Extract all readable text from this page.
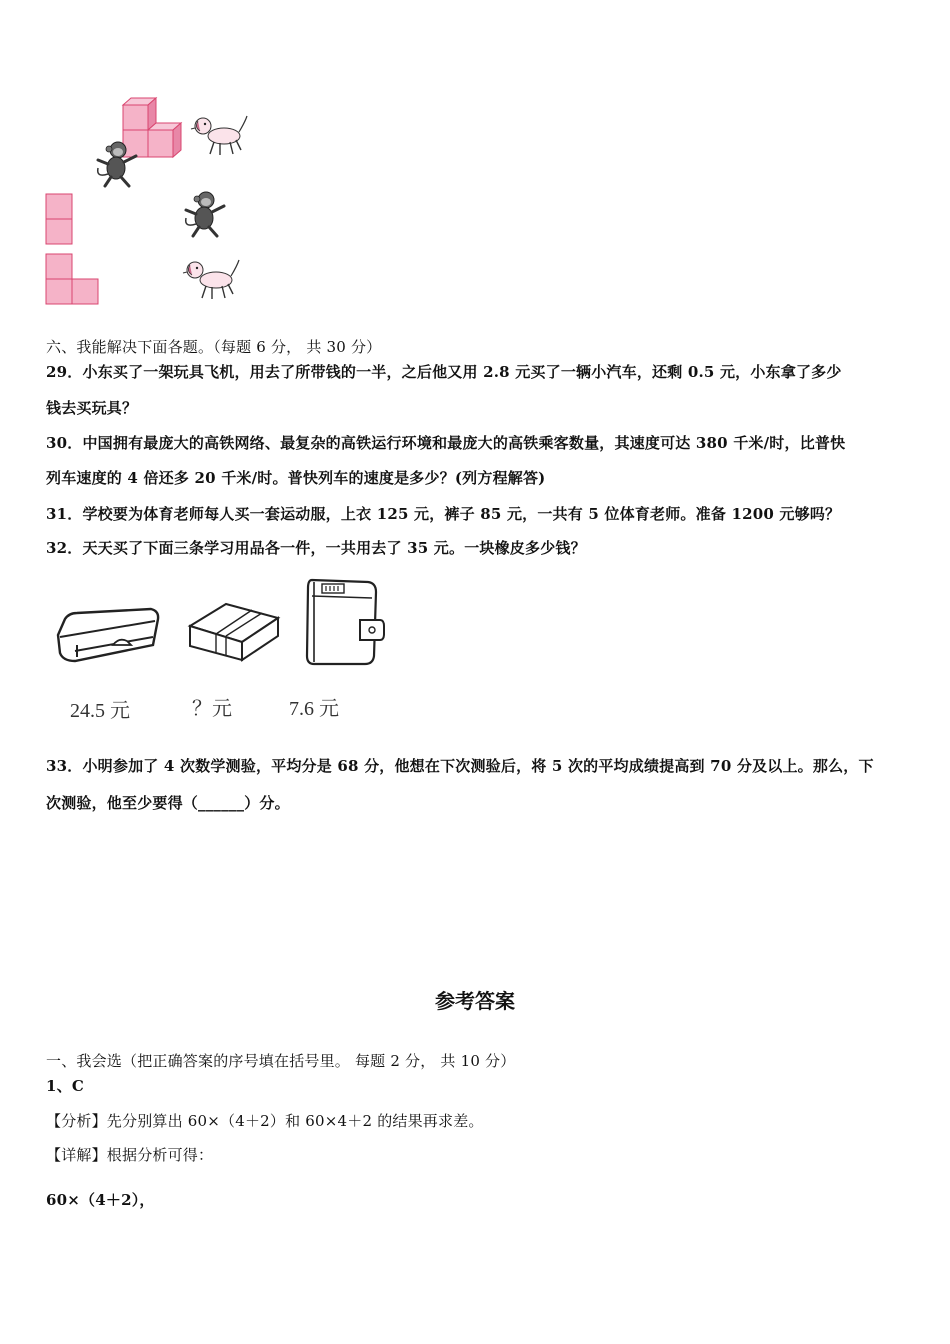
六、我能解决下面各题。（每题 6 分， 共 30 分）
29．小东买了一架玩具飞机，用去了所带钱的一半，之后他又用 2.8 元买了一辆小汽车，还剩 0.5 元，小东拿了多少
钱去买玩具？
30．中国拥有最庞大的高铁网络、最复杂的高铁运行环境和最庞大的高铁乘客数量，其速度可达 380 千米/时，比普快
列车速度的 4 倍还多 20 千米/时。普快列车的速度是多少？(列方程解答)
31．学校要为体育老师每人买一套运动服，上衣 125 元，裤子 85 元，一共有 5 位体育老师。准备 1200 元够吗？
32．天天买了下面三条学习用品各一件，一共用去了 35 元。一块橡皮多少钱？
24.5 元	？元	7.6 元
33．小明参加了 4 次数学测验，平均分是 68 分，他想在下次测验后，将 5 次的平均成绩提高到 70 分及以上。那么，下
次测验，他至少要得（______）分。
参考答案
一、我会选（把正确答案的序号填在括号里。 每题 2 分， 共 10 分）
1、C
【分析】先分别算出 60×（4＋2）和 60×4＋2 的结果再求差。
【详解】根据分析可得：
60×（4＋2），
